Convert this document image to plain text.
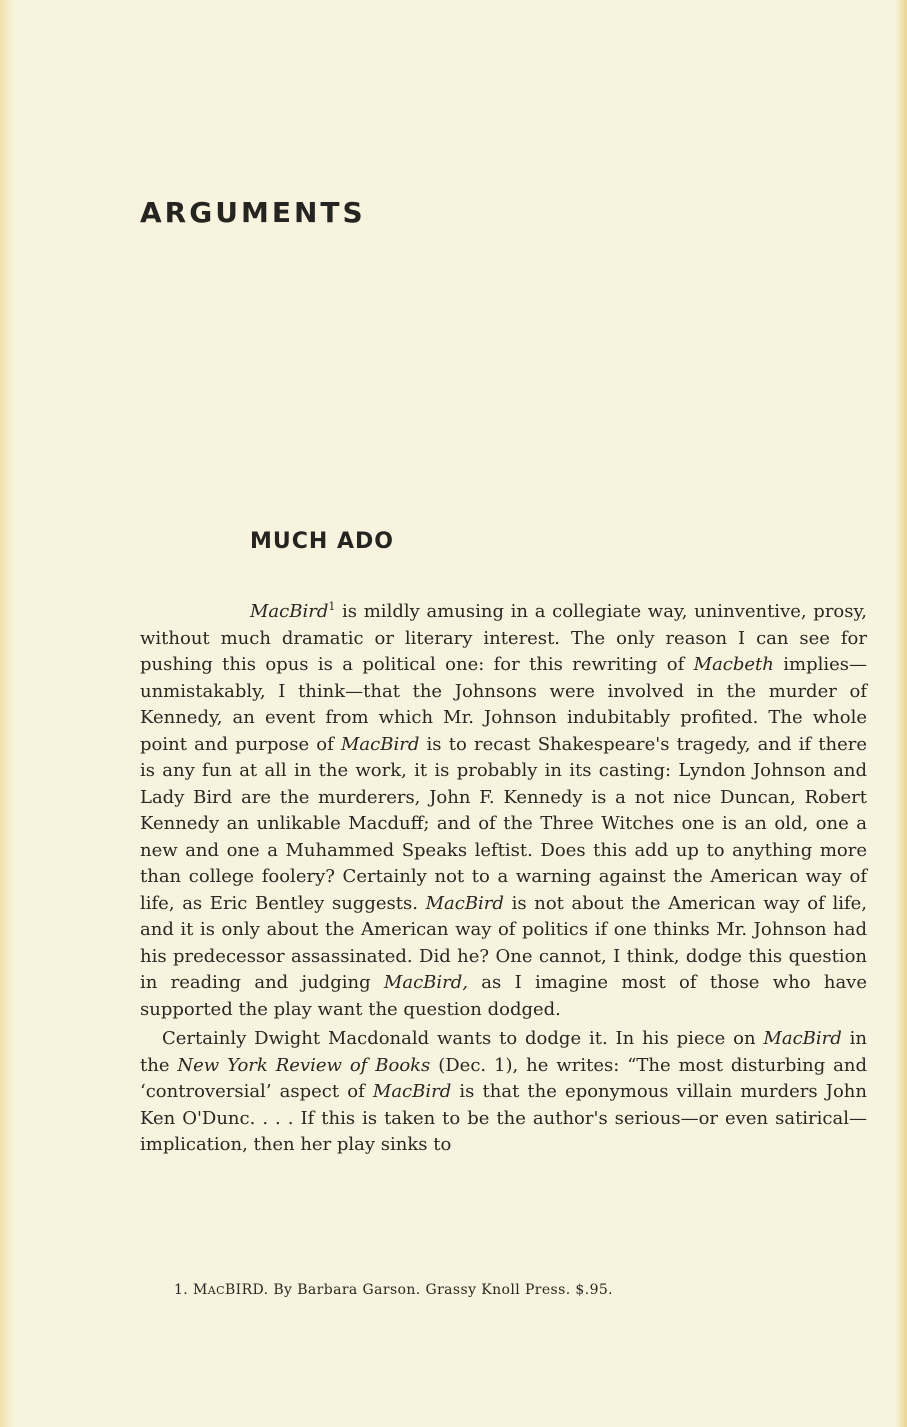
ARGUMENTS
MUCH ADO

MacBird$^1$ is mildly amusing in a collegiate way, uninventive, prosy, without much dramatic or literary interest. The only reason I can see for pushing this opus is a political one: for this rewriting of Macbeth implies—unmistakably, I think—that the Johnsons were involved in the murder of Kennedy, an event from which Mr. Johnson indubitably profited. The whole point and purpose of MacBird is to recast Shakespeare's tragedy, and if there is any fun at all in the work, it is probably in its casting: Lyndon Johnson and Lady Bird are the murderers, John F. Kennedy is a not nice Duncan, Robert Kennedy an unlikable Macduff; and of the Three Witches one is an old, one a new and one a Muhammed Speaks leftist. Does this add up to anything more than college foolery? Certainly not to a warning against the American way of life, as Eric Bentley suggests. MacBird is not about the American way of life, and it is only about the American way of politics if one thinks Mr. Johnson had his predecessor assassinated. Did he? One cannot, I think, dodge this question in reading and judging MacBird, as I imagine most of those who have supported the play want the question dodged.

Certainly Dwight Macdonald wants to dodge it. In his piece on MacBird in the New York Review of Books (Dec. 1), he writes: “The most disturbing and ‘controversial’ aspect of MacBird is that the eponymous villain murders John Ken O'Dunc. . . . If this is taken to be the author's serious—or even satirical—implication, then her play sinks to

1. MACBIRD. By Barbara Garson. Grassy Knoll Press. $.95.
